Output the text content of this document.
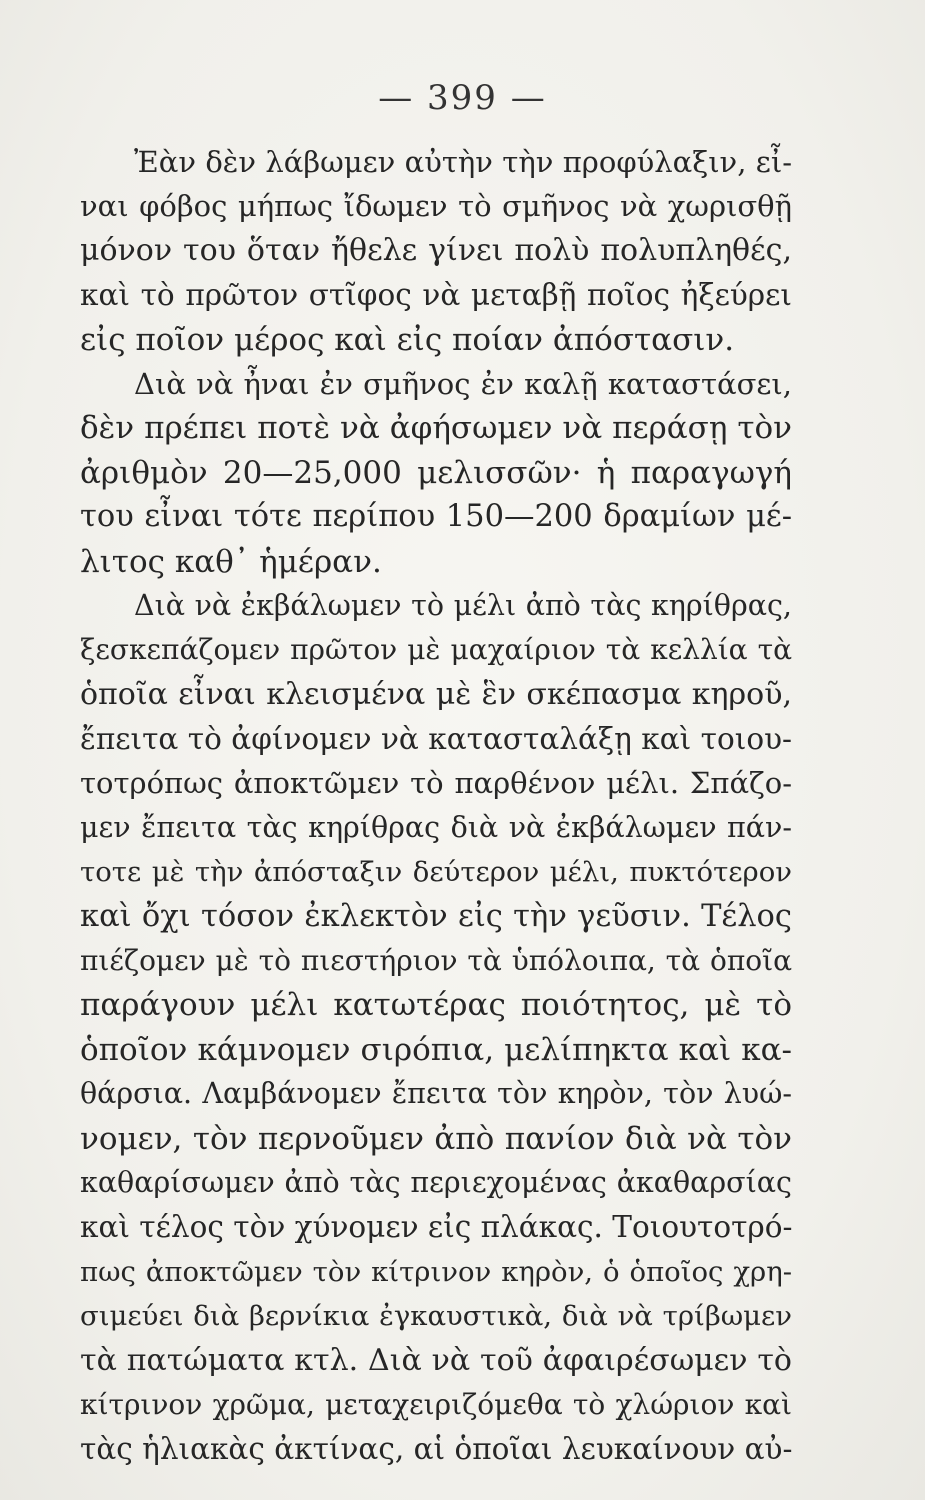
— 399 —
Ἐὰν δὲν λάβωμεν αὐτὴν τὴν προφύλαξιν, εἶ-
ναι φόβος μήπως ἴδωμεν τὸ σμῆνος νὰ χωρισθῇ
μόνον του ὅταν ἤθελε γίνει πολὺ πολυπληθές,
καὶ τὸ πρῶτον στῖφος νὰ μεταβῇ ποῖος ἠξεύρει
εἰς ποῖον μέρος καὶ εἰς ποίαν ἀπόστασιν.
Διὰ νὰ ἦναι ἐν σμῆνος ἐν καλῇ καταστάσει,
δὲν πρέπει ποτὲ νὰ ἀφήσωμεν νὰ περάσῃ τὸν
ἀριθμὸν 20—25,000 μελισσῶν· ἡ παραγωγή
του εἶναι τότε περίπου 150—200 δραμίων μέ-
λιτος καθ᾽ ἡμέραν.
Διὰ νὰ ἐκβάλωμεν τὸ μέλι ἀπὸ τὰς κηρίθρας,
ξεσκεπάζομεν πρῶτον μὲ μαχαίριον τὰ κελλία τὰ
ὁποῖα εἶναι κλεισμένα μὲ ἓν σκέπασμα κηροῦ,
ἔπειτα τὸ ἀφίνομεν νὰ κατασταλάξῃ καὶ τοιου-
τοτρόπως ἀποκτῶμεν τὸ παρθένον μέλι. Σπάζο-
μεν ἔπειτα τὰς κηρίθρας διὰ νὰ ἐκβάλωμεν πάν-
τοτε μὲ τὴν ἀπόσταξιν δεύτερον μέλι, πυκτότερον
καὶ ὄχι τόσον ἐκλεκτὸν εἰς τὴν γεῦσιν. Τέλος
πιέζομεν μὲ τὸ πιεστήριον τὰ ὑπόλοιπα, τὰ ὁποῖα
παράγουν μέλι κατωτέρας ποιότητος, μὲ τὸ
ὁποῖον κάμνομεν σιρόπια, μελίπηκτα καὶ κα-
θάρσια. Λαμβάνομεν ἔπειτα τὸν κηρὸν, τὸν λυώ-
νομεν, τὸν περνοῦμεν ἀπὸ πανίον διὰ νὰ τὸν
καθαρίσωμεν ἀπὸ τὰς περιεχομένας ἀκαθαρσίας
καὶ τέλος τὸν χύνομεν εἰς πλάκας. Τοιουτοτρό-
πως ἀποκτῶμεν τὸν κίτρινον κηρὸν, ὁ ὁποῖος χρη-
σιμεύει διὰ βερνίκια ἐγκαυστικὰ, διὰ νὰ τρίβωμεν
τὰ πατώματα κτλ. Διὰ νὰ τοῦ ἀφαιρέσωμεν τὸ
κίτρινον χρῶμα, μεταχειριζόμεθα τὸ χλώριον καὶ
τὰς ἡλιακὰς ἀκτίνας, αἱ ὁποῖαι λευκαίνουν αὐ-
